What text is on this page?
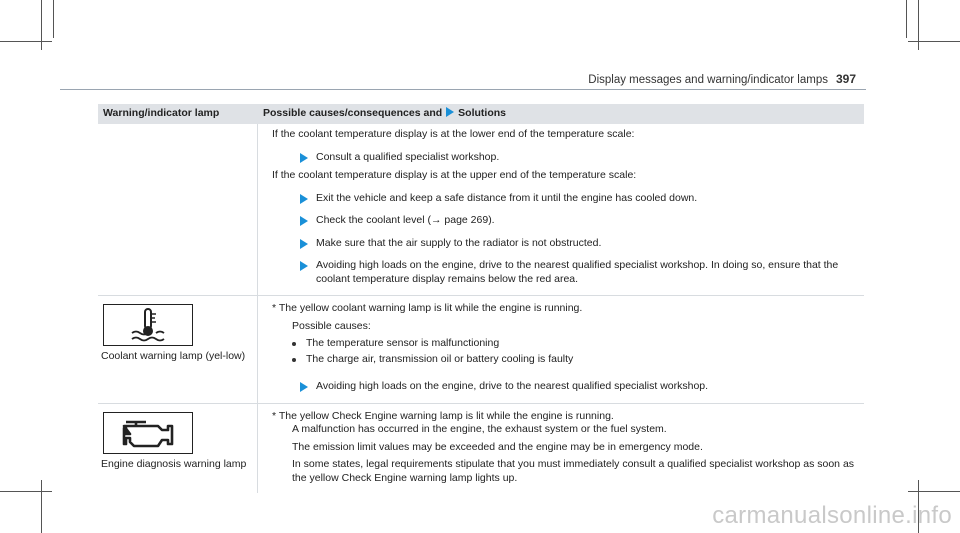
Display messages and warning/indicator lamps 397
Warning/indicator lamp	Possible causes/consequences and Solutions
If the coolant temperature display is at the lower end of the temperature scale:
Consult a qualified specialist workshop.
If the coolant temperature display is at the upper end of the temperature scale:
Exit the vehicle and keep a safe distance from it until the engine has cooled down.
Check the coolant level (→ page 269).
Make sure that the air supply to the radiator is not obstructed.
Avoiding high loads on the engine, drive to the nearest qualified specialist workshop. In doing so, ensure that the coolant temperature display remains below the red area.
Coolant warning lamp (yel-low)
* The yellow coolant warning lamp is lit while the engine is running.
Possible causes:
The temperature sensor is malfunctioning
The charge air, transmission oil or battery cooling is faulty
Avoiding high loads on the engine, drive to the nearest qualified specialist workshop.
Engine diagnosis warning lamp
* The yellow Check Engine warning lamp is lit while the engine is running.
A malfunction has occurred in the engine, the exhaust system or the fuel system.
The emission limit values may be exceeded and the engine may be in emergency mode.
In some states, legal requirements stipulate that you must immediately consult a qualified specialist workshop as soon as the yellow Check Engine warning lamp lights up.
carmanualsonline.info
